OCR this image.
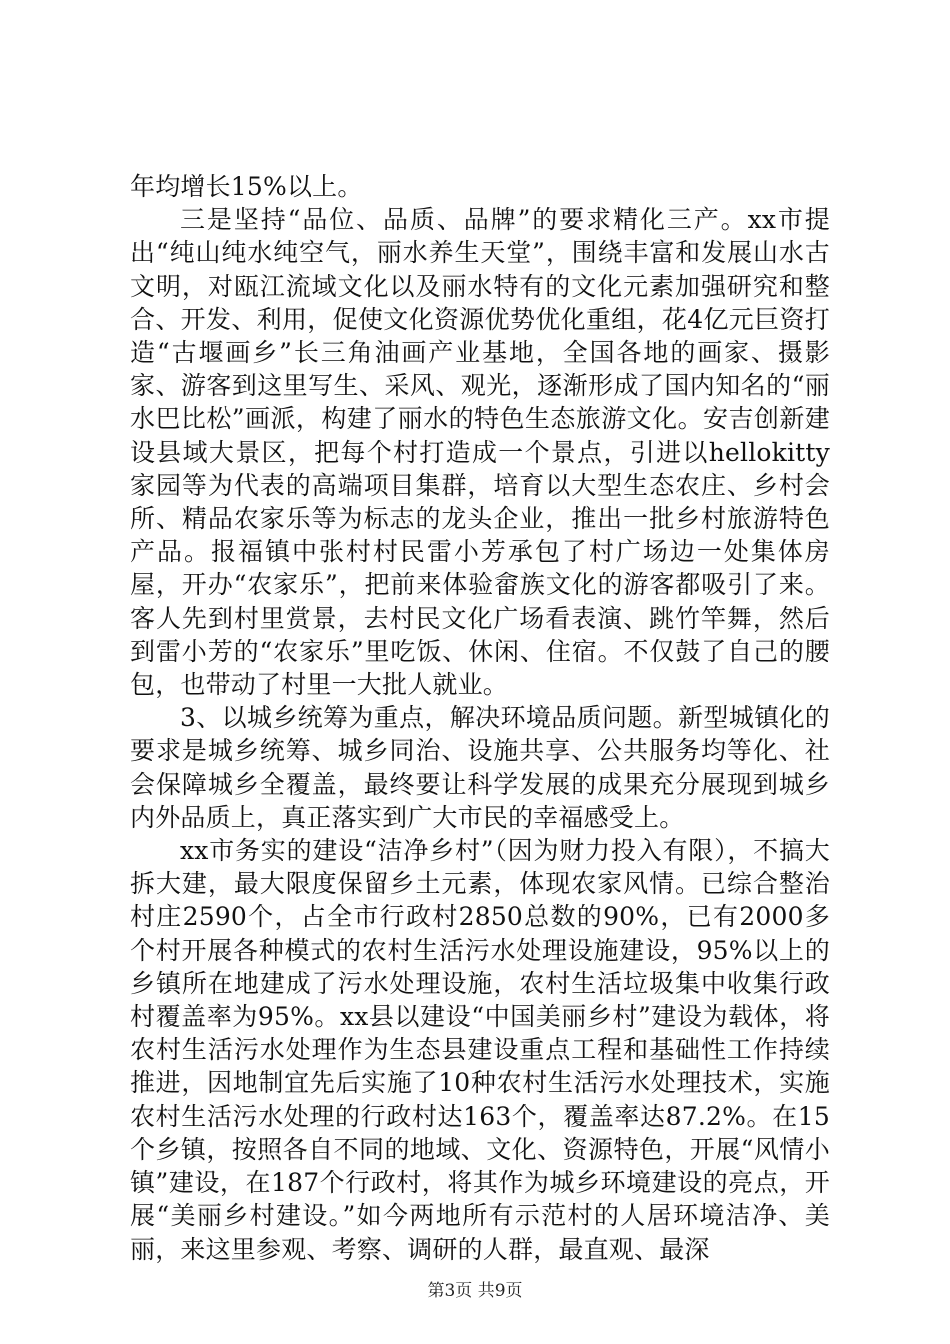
年均增长15%以上。

三是坚持“品位、品质、品牌”的要求精化三产。xx市提出“纯山纯水纯空气，丽水养生天堂”，围绕丰富和发展山水古文明，对瓯江流域文化以及丽水特有的文化元素加强研究和整合、开发、利用，促使文化资源优势优化重组，花4亿元巨资打造“古堰画乡”长三角油画产业基地，全国各地的画家、摄影家、游客到这里写生、采风、观光，逐渐形成了国内知名的“丽水巴比松”画派，构建了丽水的特色生态旅游文化。安吉创新建设县域大景区，把每个村打造成一个景点，引进以hellokitty家园等为代表的高端项目集群，培育以大型生态农庄、乡村会所、精品农家乐等为标志的龙头企业，推出一批乡村旅游特色产品。报福镇中张村村民雷小芳承包了村广场边一处集体房屋，开办“农家乐”，把前来体验畲族文化的游客都吸引了来。客人先到村里赏景，去村民文化广场看表演、跳竹竿舞，然后到雷小芳的“农家乐”里吃饭、休闲、住宿。不仅鼓了自己的腰包，也带动了村里一大批人就业。

3、以城乡统筹为重点，解决环境品质问题。新型城镇化的要求是城乡统筹、城乡同治、设施共享、公共服务均等化、社会保障城乡全覆盖，最终要让科学发展的成果充分展现到城乡内外品质上，真正落实到广大市民的幸福感受上。

xx市务实的建设“洁净乡村”（因为财力投入有限），不搞大拆大建，最大限度保留乡土元素，体现农家风情。已综合整治村庄2590个，占全市行政村2850总数的90%，已有2000多个村开展各种模式的农村生活污水处理设施建设，95%以上的乡镇所在地建成了污水处理设施，农村生活垃圾集中收集行政村覆盖率为95%。xx县以建设“中国美丽乡村”建设为载体，将农村生活污水处理作为生态县建设重点工程和基础性工作持续推进，因地制宜先后实施了10种农村生活污水处理技术，实施农村生活污水处理的行政村达163个，覆盖率达87.2%。在15个乡镇，按照各自不同的地域、文化、资源特色，开展“风情小镇”建设，在187个行政村，将其作为城乡环境建设的亮点，开展“美丽乡村建设。”如今两地所有示范村的人居环境洁净、美丽，来这里参观、考察、调研的人群，最直观、最深

第3页 共9页
